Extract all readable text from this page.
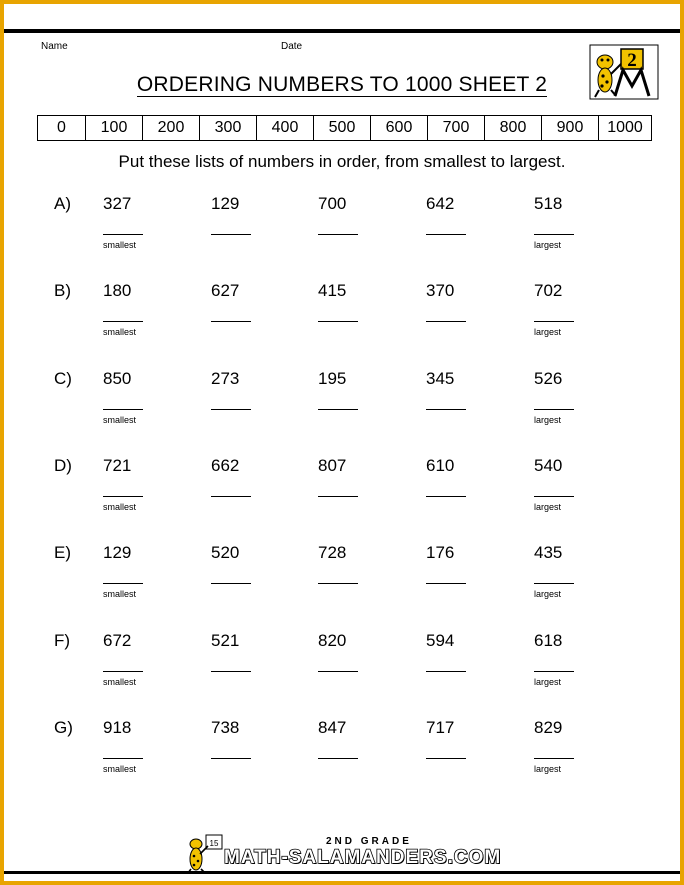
Name	Date
ORDERING NUMBERS TO 1000 SHEET 2
2
0	100	200	300	400	500	600	700	800	900	1000
Put these lists of numbers in order, from smallest to largest.
A) 327	129	700	642	518
smallest	largest
B) 180	627	415	370	702
smallest	largest
C) 850	273	195	345	526
smallest	largest
D) 721	662	807	610	540
smallest	largest
E) 129	520	728	176	435
smallest	largest
F) 672	521	820	594	618
smallest	largest
G) 918	738	847	717	829
smallest	largest
15	2ND GRADE
MATH-SALAMANDERS.COM
